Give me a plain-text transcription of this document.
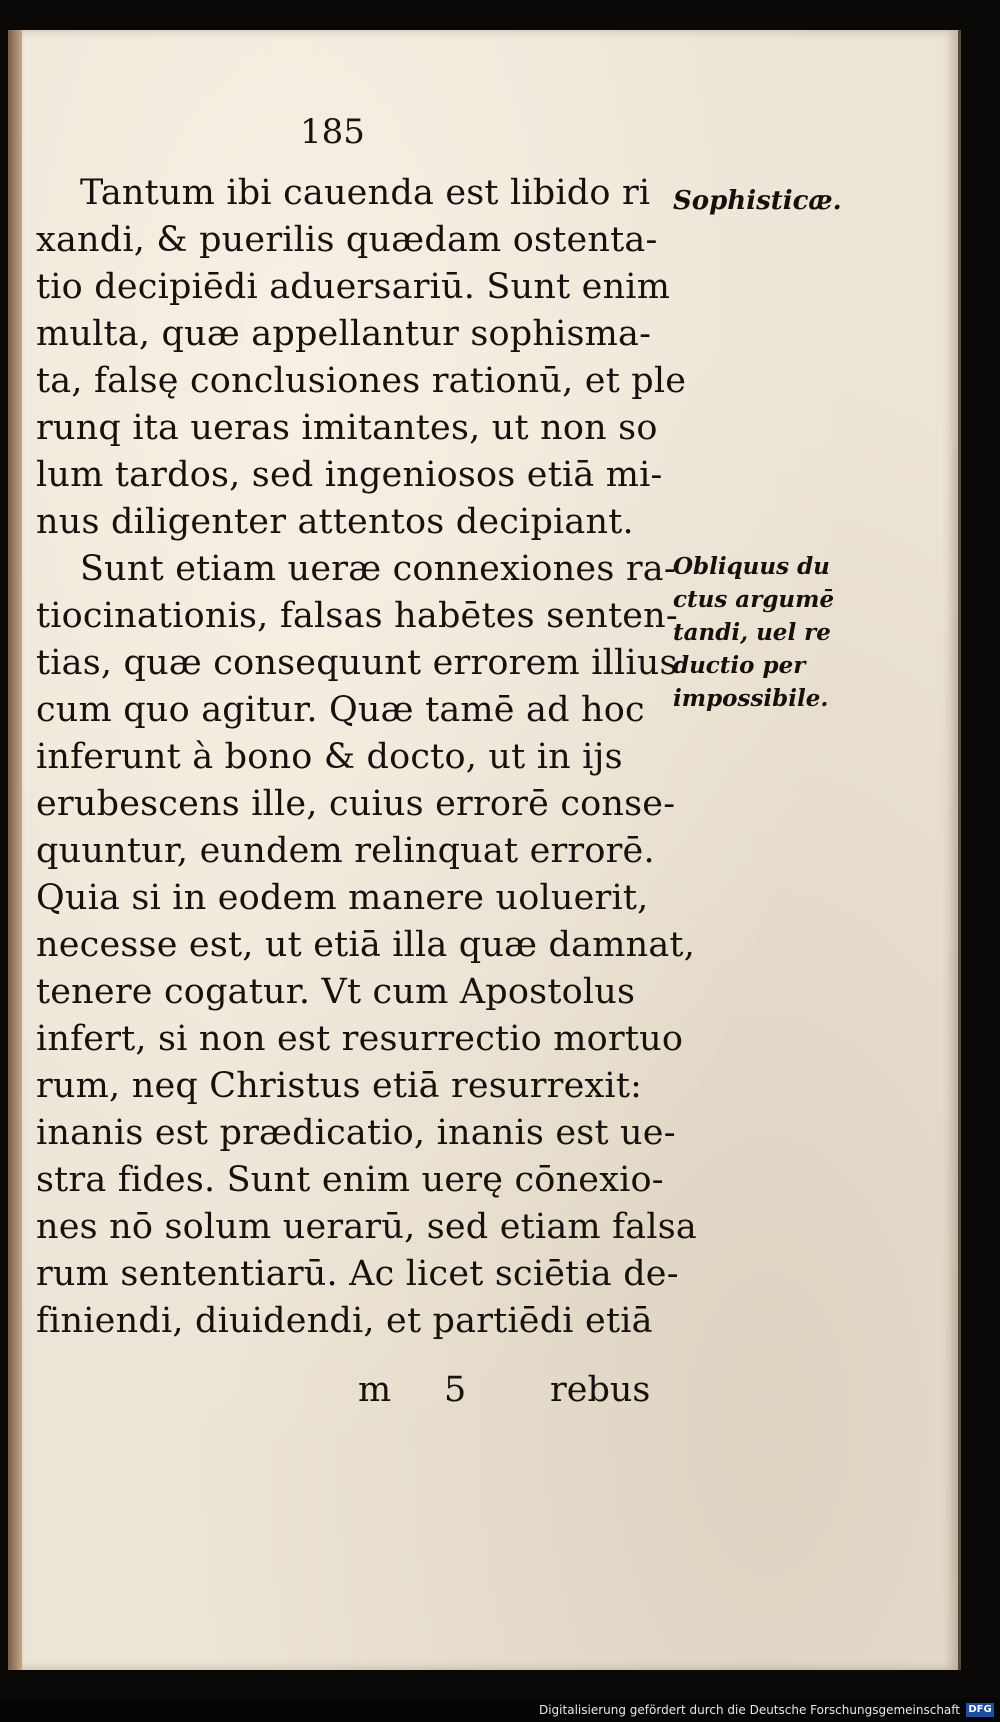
185

Tantum ibi cauenda est libido ri
xandi, & puerilis quædam ostenta-
tio decipiēdi aduersariū. Sunt enim
multa, quæ appellantur sophisma-
ta, falsę conclusiones rationū, et ple
runq ita ueras imitantes, ut non so
lum tardos, sed ingeniosos etiā mi-
nus diligenter attentos decipiant.
Sunt etiam ueræ connexiones ra-
tiocinationis, falsas habētes senten-
tias, quæ consequunt errorem illius
cum quo agitur. Quæ tamē ad hoc
inferunt à bono & docto, ut in ijs
erubescens ille, cuius errorē conse-
quuntur, eundem relinquat errorē.
Quia si in eodem manere uoluerit,
necesse est, ut etiā illa quæ damnat,
tenere cogatur. Vt cum Apostolus
infert, si non est resurrectio mortuo
rum, neq Christus etiā resurrexit:
inanis est prædicatio, inanis est ue-
stra fides. Sunt enim uerę cōnexio-
nes nō solum uerarū, sed etiam falsa
rum sententiarū. Ac licet sciētia de-
finiendi, diuidendi, et partiēdi etiā
m 5 rebus
Sophisticæ.
Obliquus du
ctus argumē
tandi, uel re
ductio per
impossibile.
Digitalisierung gefördert durch die Deutsche Forschungsgemeinschaft DFG
